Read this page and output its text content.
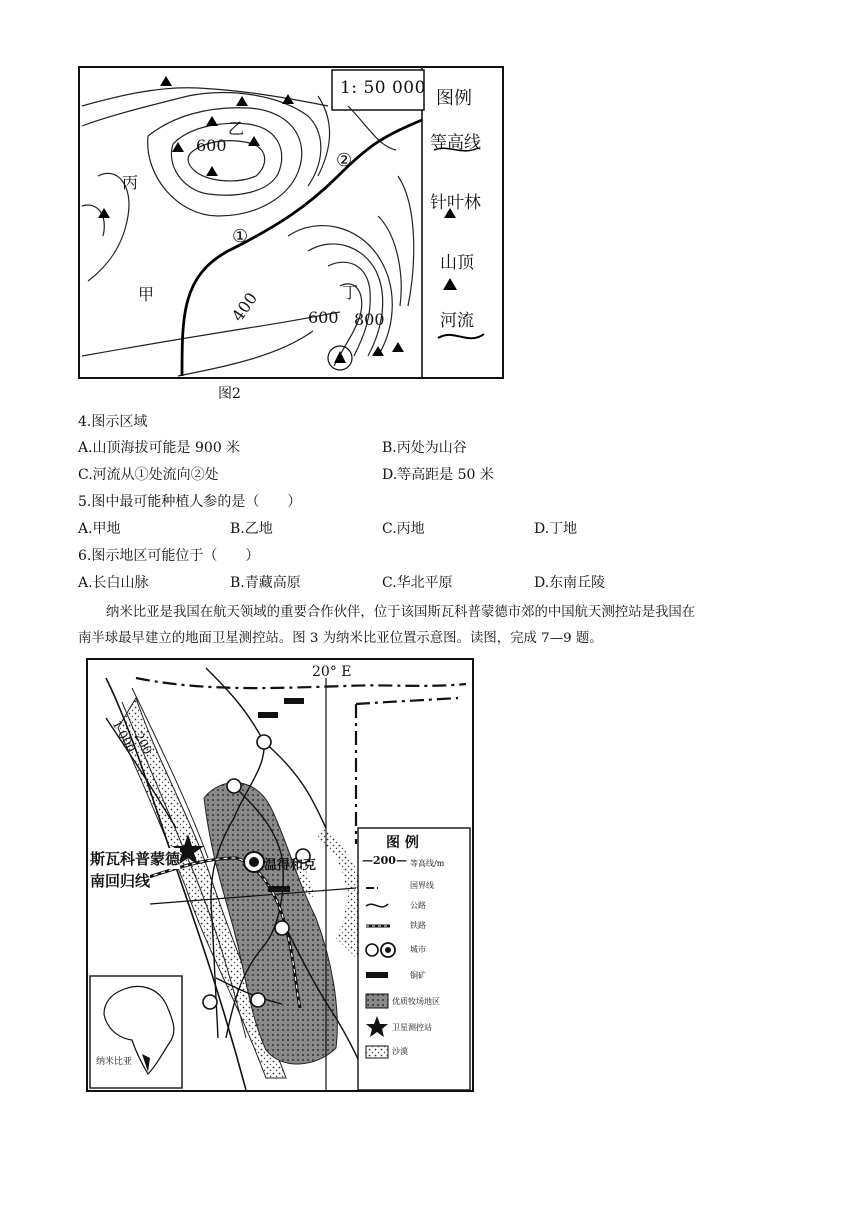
1: 50 000 图例
等高线
针叶林
山顶
河流
乙
600
丙
②
①
甲	丁
400	600 800
图2
4.图示区域
A.山顶海拔可能是 900 米	B.丙处为山谷
C.河流从①处流向②处	D.等高距是 50 米
5.图中最可能种植人参的是（　　）
A.甲地	B.乙地	C.丙地	D.丁地
6.图示地区可能位于（　　）
A.长白山脉	B.青藏高原	C.华北平原	D.东南丘陵
纳米比亚是我国在航天领域的重要合作伙伴，位于该国斯瓦科普蒙德市郊的中国航天测控站是我国在
南半球最早建立的地面卫星测控站。图 3 为纳米比亚位置示意图。读图，完成 7—9 题。
20° E
1 000
200
斯瓦科普蒙德
南回归线
温得和克
纳米比亚
图 例
—200— 等高线/m
国界线
公路
铁路
城市
铜矿
优质牧场地区
卫星测控站
沙漠
